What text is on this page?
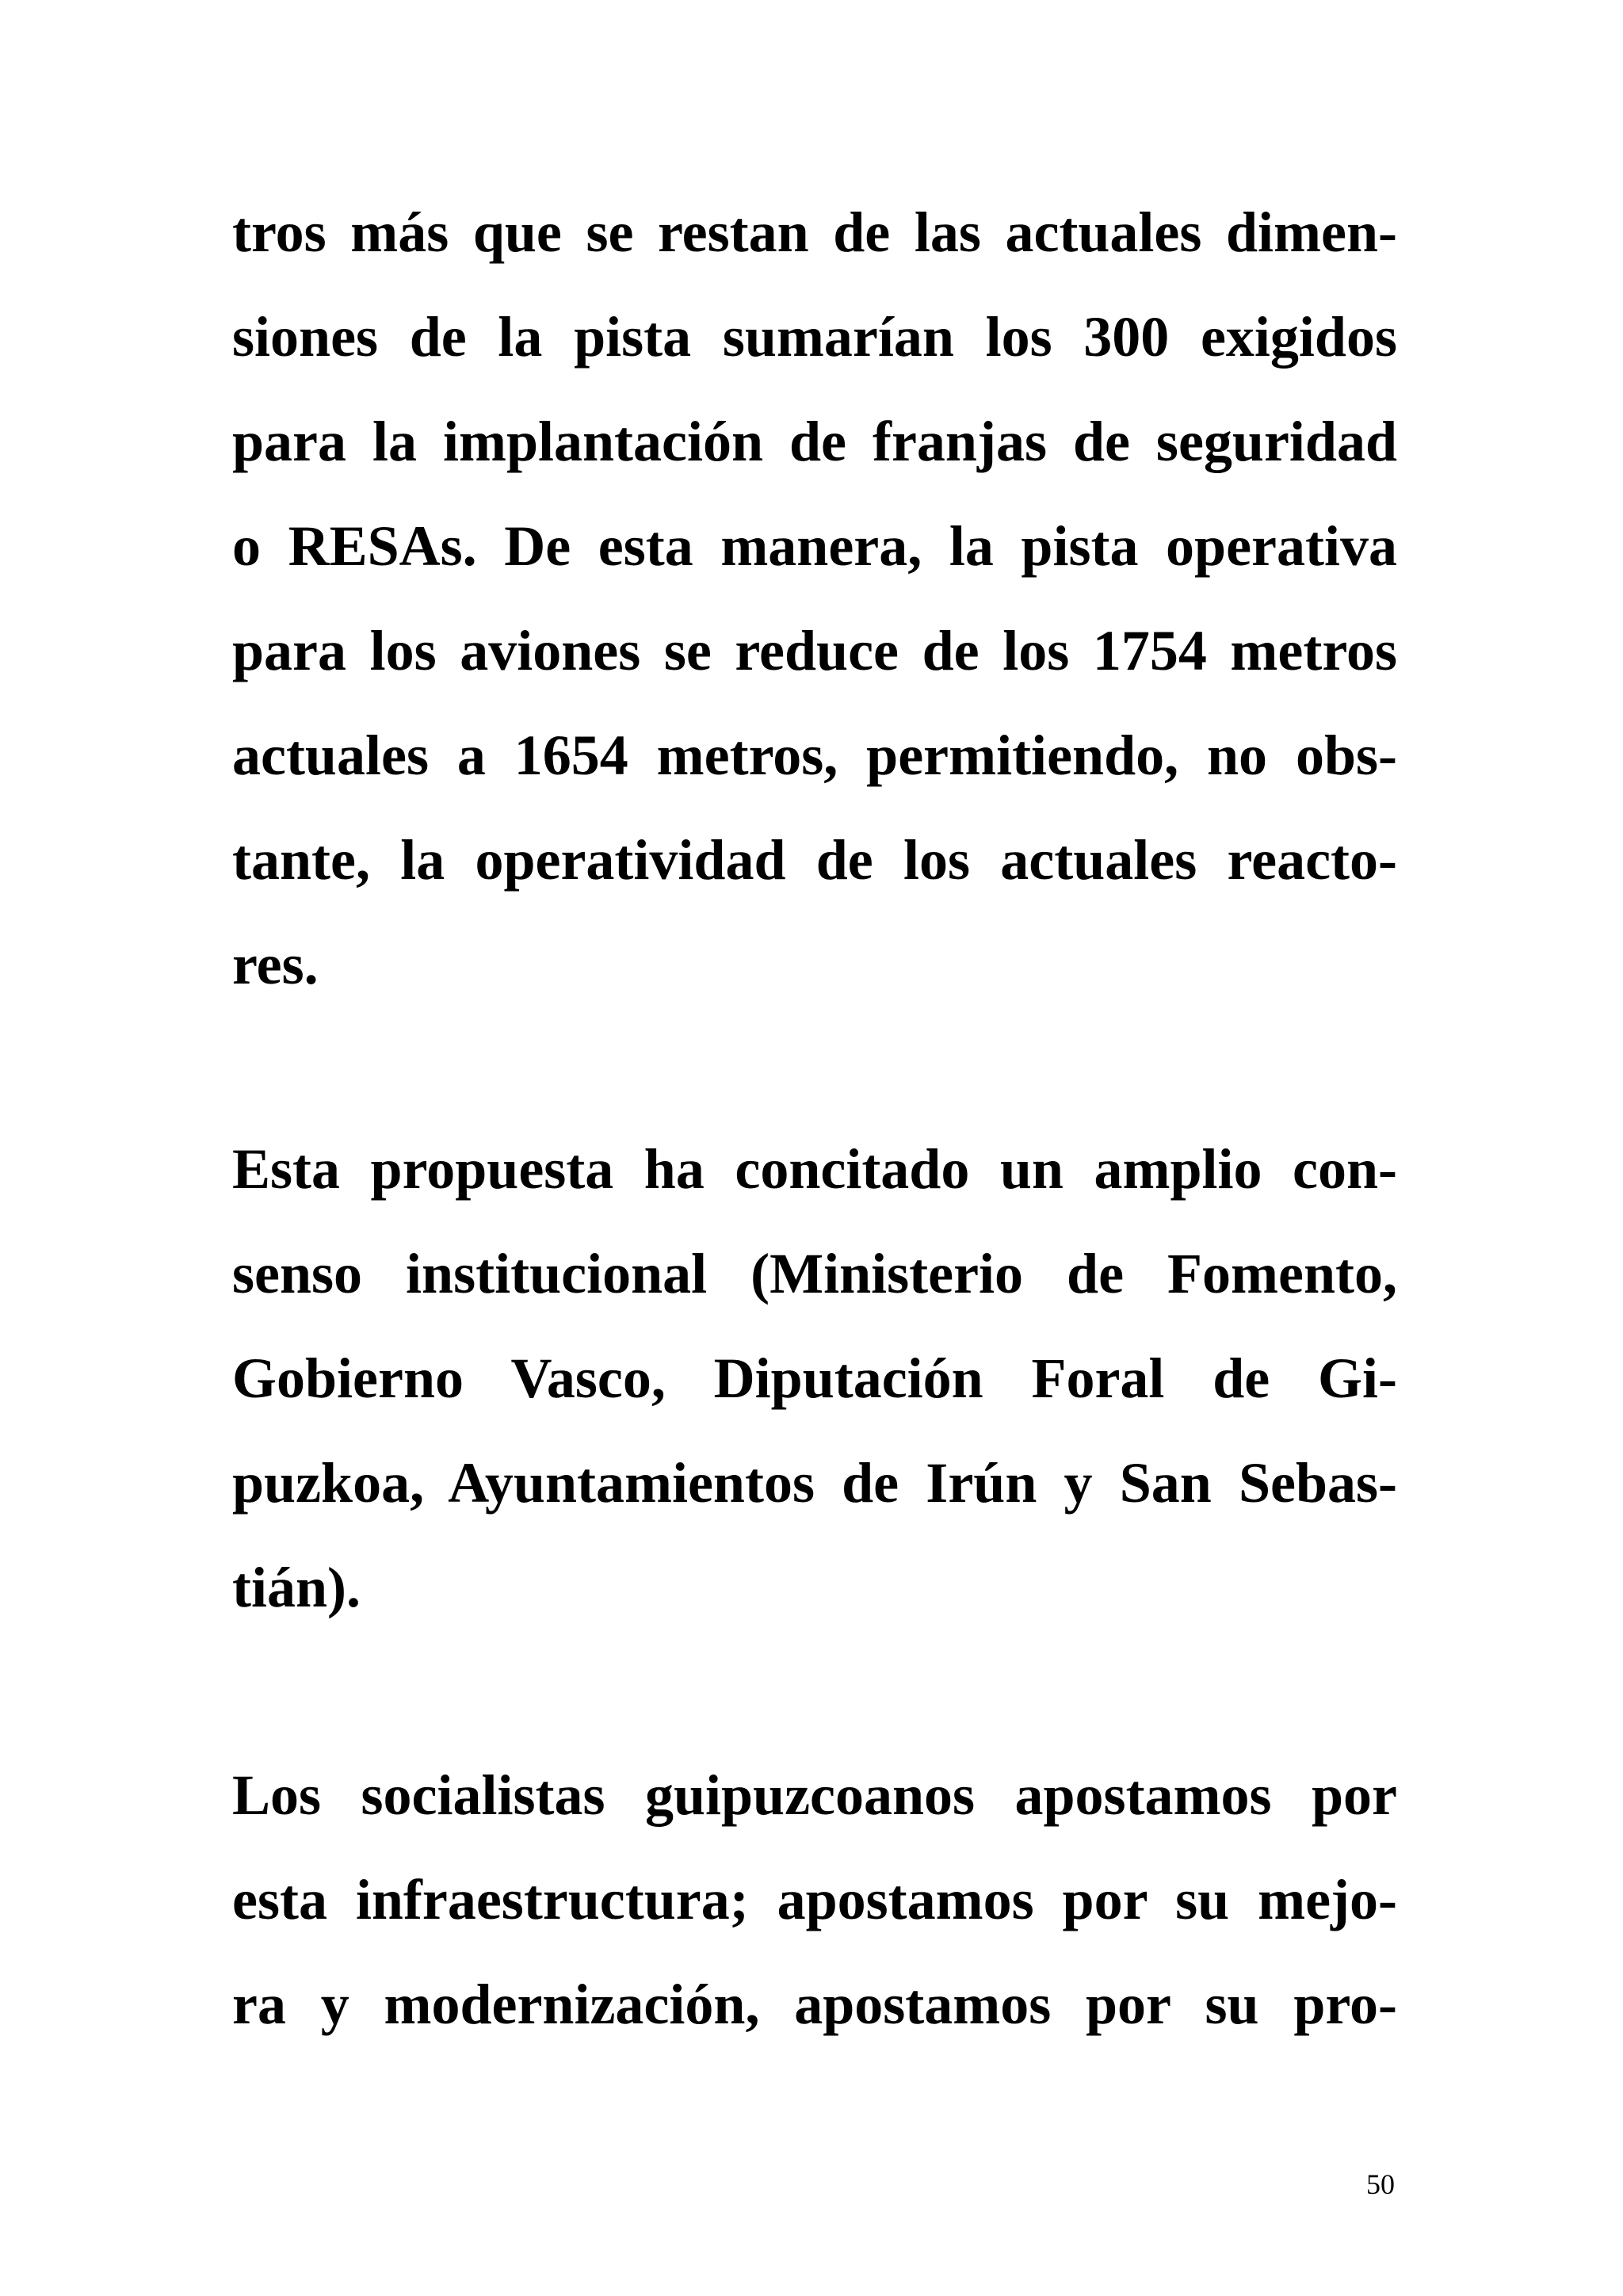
tros más que se restan de las actuales dimen-
siones de la pista sumarían los 300 exigidos
para la implantación de franjas de seguridad
o RESAs. De esta manera, la pista operativa
para los aviones se reduce de los 1754 metros
actuales a 1654 metros, permitiendo, no obs-
tante, la operatividad de los actuales reacto-
res.
Esta propuesta ha concitado un amplio con-
senso institucional (Ministerio de Fomento,
Gobierno Vasco, Diputación Foral de Gi-
puzkoa, Ayuntamientos de Irún y San Sebas-
tián).
Los socialistas guipuzcoanos apostamos por
esta infraestructura; apostamos por su mejo-
ra y modernización, apostamos por su pro-
50
